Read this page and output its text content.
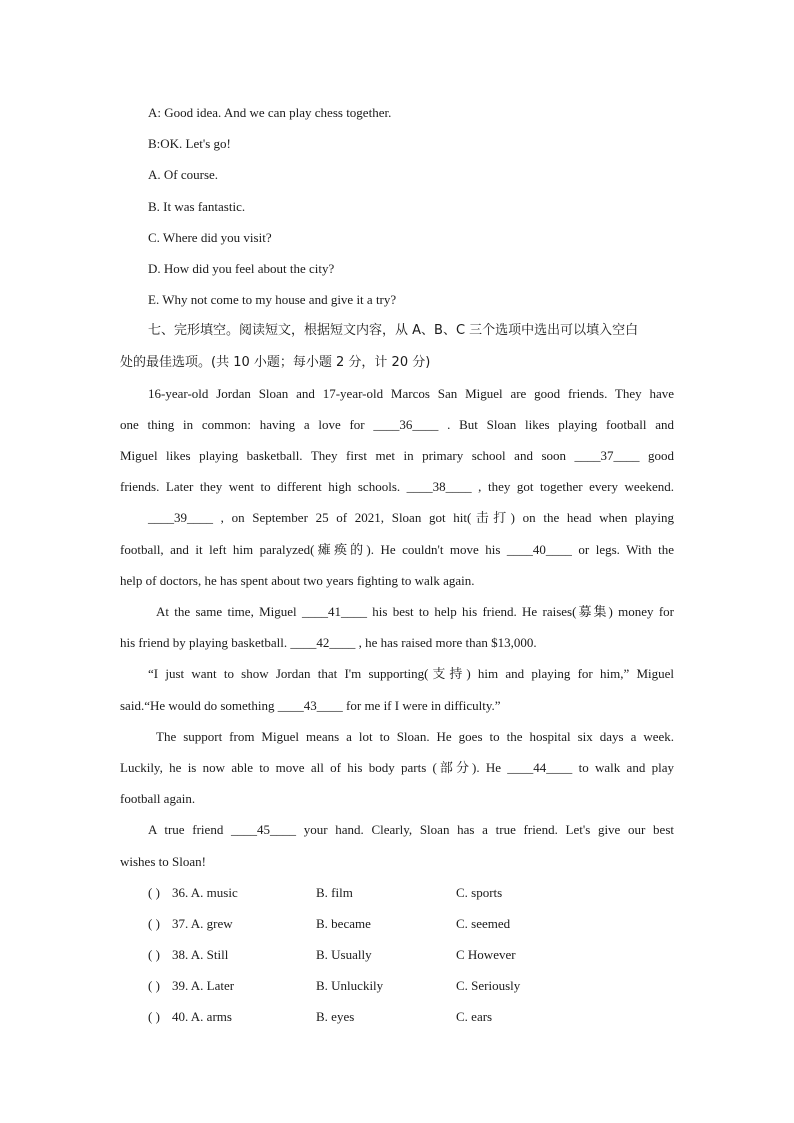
A: Good idea. And we can play chess together.
B:OK. Let's go!
A. Of course.
B. It was fantastic.
C. Where did you visit?
D. How did you feel about the city?
E. Why not come to my house and give it a try?
七、完形填空。阅读短文，根据短文内容，从 A、B、C 三个选项中选出可以填入空白
处的最佳选项。(共 10 小题；每小题 2 分，计 20 分)
16-year-old Jordan Sloan and 17-year-old Marcos San Miguel are good friends. They have
one thing in common: having a love for ____36____ . But Sloan likes playing football and
Miguel likes playing basketball. They first met in primary school and soon ____37____ good
friends. Later they went to different high schools. ____38____ , they got together every weekend.
____39____ , on September 25 of 2021, Sloan got hit(击打) on the head when playing
football, and it left him paralyzed(瘫痪的). He couldn't move his ____40____ or legs. With the
help of doctors, he has spent about two years fighting to walk again.
At the same time, Miguel ____41____ his best to help his friend. He raises(募集) money for
his friend by playing basketball. ____42____ , he has raised more than $13,000.
“I just want to show Jordan that I'm supporting(支持) him and playing for him,” Miguel
said.“He would do something ____43____ for me if I were in difficulty.”
The support from Miguel means a lot to Sloan. He goes to the hospital six days a week.
Luckily, he is now able to move all of his body parts (部分). He ____44____ to walk and play
football again.
A true friend ____45____ your hand. Clearly, Sloan has a true friend. Let's give our best
wishes to Sloan!
( ) 36. A. music	B. film	C. sports
( ) 37. A. grew	B. became	C. seemed
( ) 38. A. Still	B. Usually	C However
( ) 39. A. Later	B. Unluckily	C. Seriously
( ) 40. A. arms	B. eyes	C. ears
